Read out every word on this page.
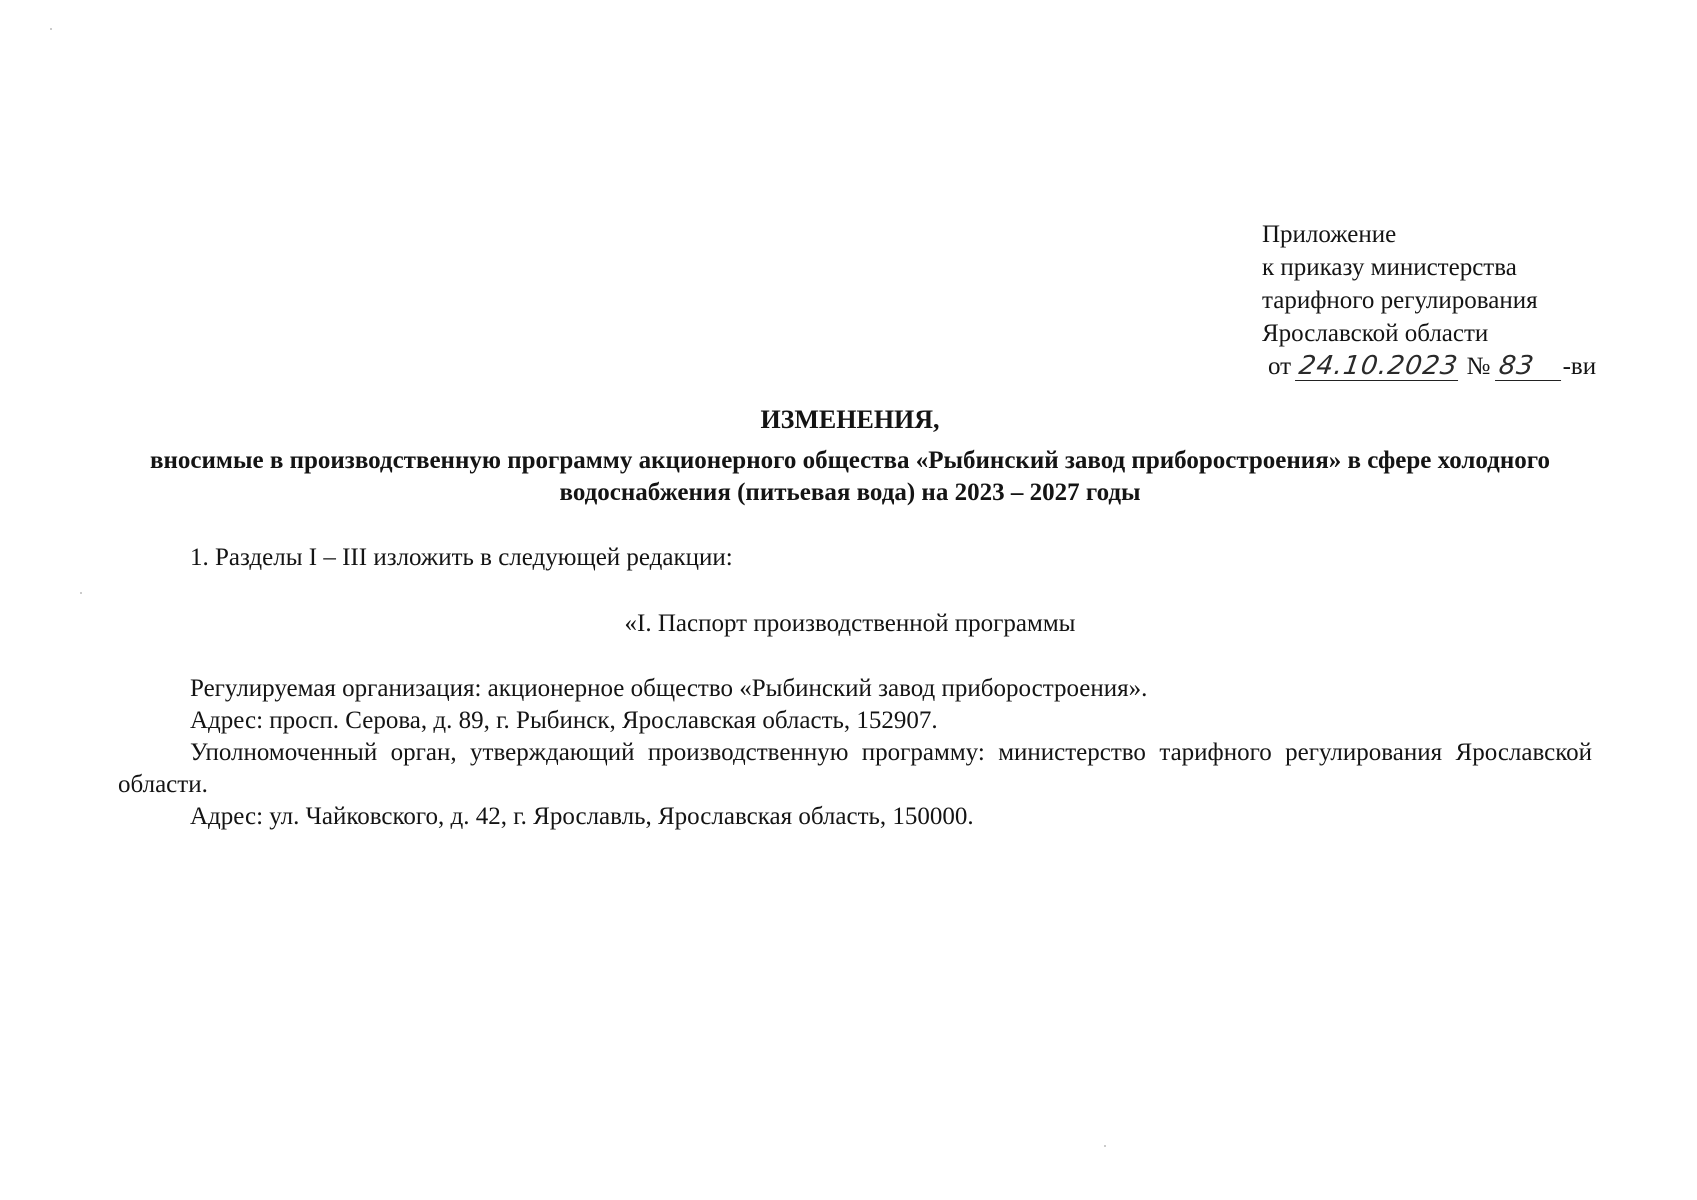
Приложение
к приказу министерства
тарифного регулирования
Ярославской области
от 24.10.2023 № 83 -ви
ИЗМЕНЕНИЯ,
вносимые в производственную программу акционерного общества «Рыбинский завод приборостроения» в сфере холодного водоснабжения (питьевая вода) на 2023 – 2027 годы
1. Разделы I – III изложить в следующей редакции:
«I. Паспорт производственной программы
Регулируемая организация: акционерное общество «Рыбинский завод приборостроения».
Адрес: просп. Серова, д. 89, г. Рыбинск, Ярославская область, 152907.
Уполномоченный орган, утверждающий производственную программу: министерство тарифного регулирования Ярославской области.
Адрес: ул. Чайковского, д. 42, г. Ярославль, Ярославская область, 150000.
